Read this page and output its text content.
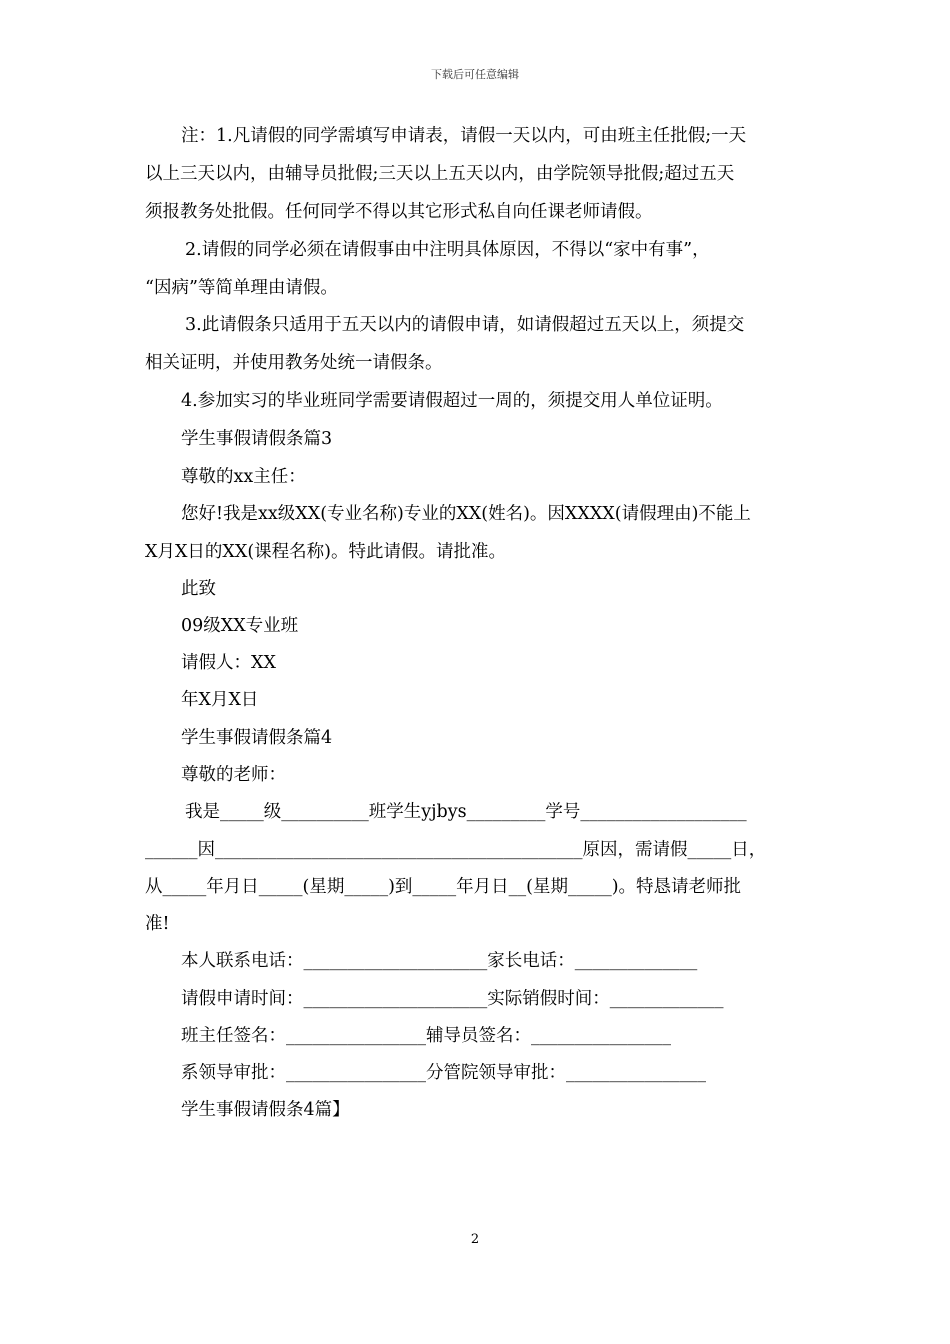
下载后可任意编辑
注：1.凡请假的同学需填写申请表，请假一天以内，可由班主任批假;一天
以上三天以内，由辅导员批假;三天以上五天以内，由学院领导批假;超过五天
须报教务处批假。任何同学不得以其它形式私自向任课老师请假。
2.请假的同学必须在请假事由中注明具体原因，不得以“家中有事”，
“因病”等简单理由请假。
3.此请假条只适用于五天以内的请假申请，如请假超过五天以上，须提交
相关证明，并使用教务处统一请假条。
4.参加实习的毕业班同学需要请假超过一周的，须提交用人单位证明。
学生事假请假条篇3
尊敬的xx主任：
您好!我是xx级XX(专业名称)专业的XX(姓名)。因XXXX(请假理由)不能上
X月X日的XX(课程名称)。特此请假。请批准。
此致
09级XX专业班
请假人：XX
年X月X日
学生事假请假条篇4
尊敬的老师：
我是_____级__________班学生yjbys_________学号___________________
______因__________________________________________原因，需请假_____日，
从_____年月日_____(星期_____)到_____年月日__(星期_____)。特恳请老师批
准!
本人联系电话：_____________________家长电话：______________
请假申请时间：_____________________实际销假时间：_____________
班主任签名：________________辅导员签名：________________
系领导审批：________________分管院领导审批：________________
学生事假请假条4篇】
2
